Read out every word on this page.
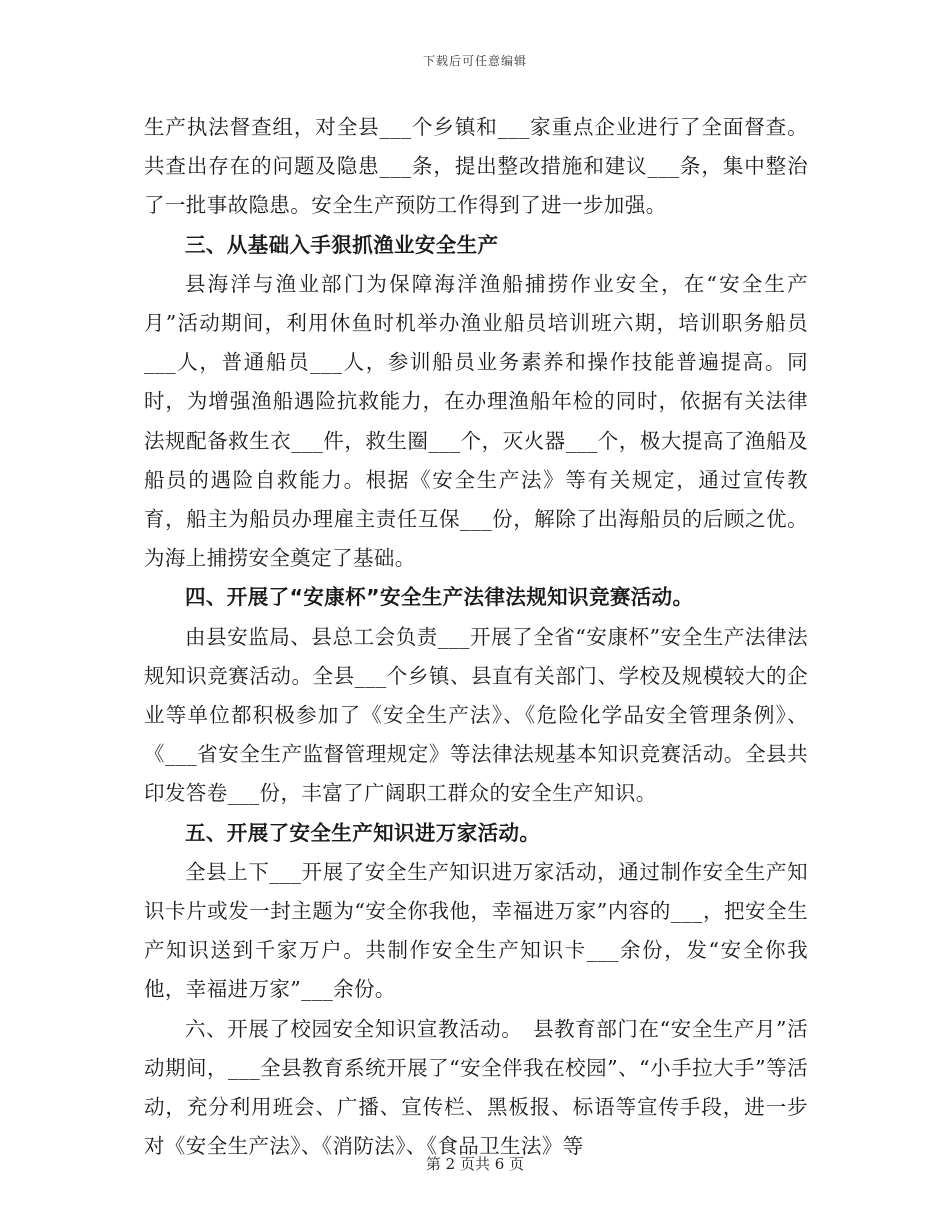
下载后可任意编辑

生产执法督查组，对全县___个乡镇和___家重点企业进行了全面督查。共查出存在的问题及隐患___条，提出整改措施和建议___条，集中整治了一批事故隐患。安全生产预防工作得到了进一步加强。

三、从基础入手狠抓渔业安全生产

县海洋与渔业部门为保障海洋渔船捕捞作业安全，在“安全生产月”活动期间，利用休鱼时机举办渔业船员培训班六期，培训职务船员___人，普通船员___人，参训船员业务素养和操作技能普遍提高。同时，为增强渔船遇险抗救能力，在办理渔船年检的同时，依据有关法律法规配备救生衣___件，救生圈___个，灭火器___个，极大提高了渔船及船员的遇险自救能力。根据《安全生产法》等有关规定，通过宣传教育，船主为船员办理雇主责任互保___份，解除了出海船员的后顾之优。为海上捕捞安全奠定了基础。

四、开展了“安康杯”安全生产法律法规知识竞赛活动。

由县安监局、县总工会负责___开展了全省“安康杯”安全生产法律法规知识竞赛活动。全县___个乡镇、县直有关部门、学校及规模较大的企业等单位都积极参加了《安全生产法》、《危险化学品安全管理条例》、《___省安全生产监督管理规定》等法律法规基本知识竞赛活动。全县共印发答卷___份，丰富了广阔职工群众的安全生产知识。

五、开展了安全生产知识进万家活动。

全县上下___开展了安全生产知识进万家活动，通过制作安全生产知识卡片或发一封主题为“安全你我他，幸福进万家”内容的___，把安全生产知识送到千家万户。共制作安全生产知识卡___余份，发“安全你我他，幸福进万家”___余份。

六、开展了校园安全知识宣教活动。　县教育部门在“安全生产月”活动期间，___全县教育系统开展了“安全伴我在校园”、“小手拉大手”等活动，充分利用班会、广播、宣传栏、黑板报、标语等宣传手段，进一步对《安全生产法》、《消防法》、《食品卫生法》等

第 2 页共 6 页
